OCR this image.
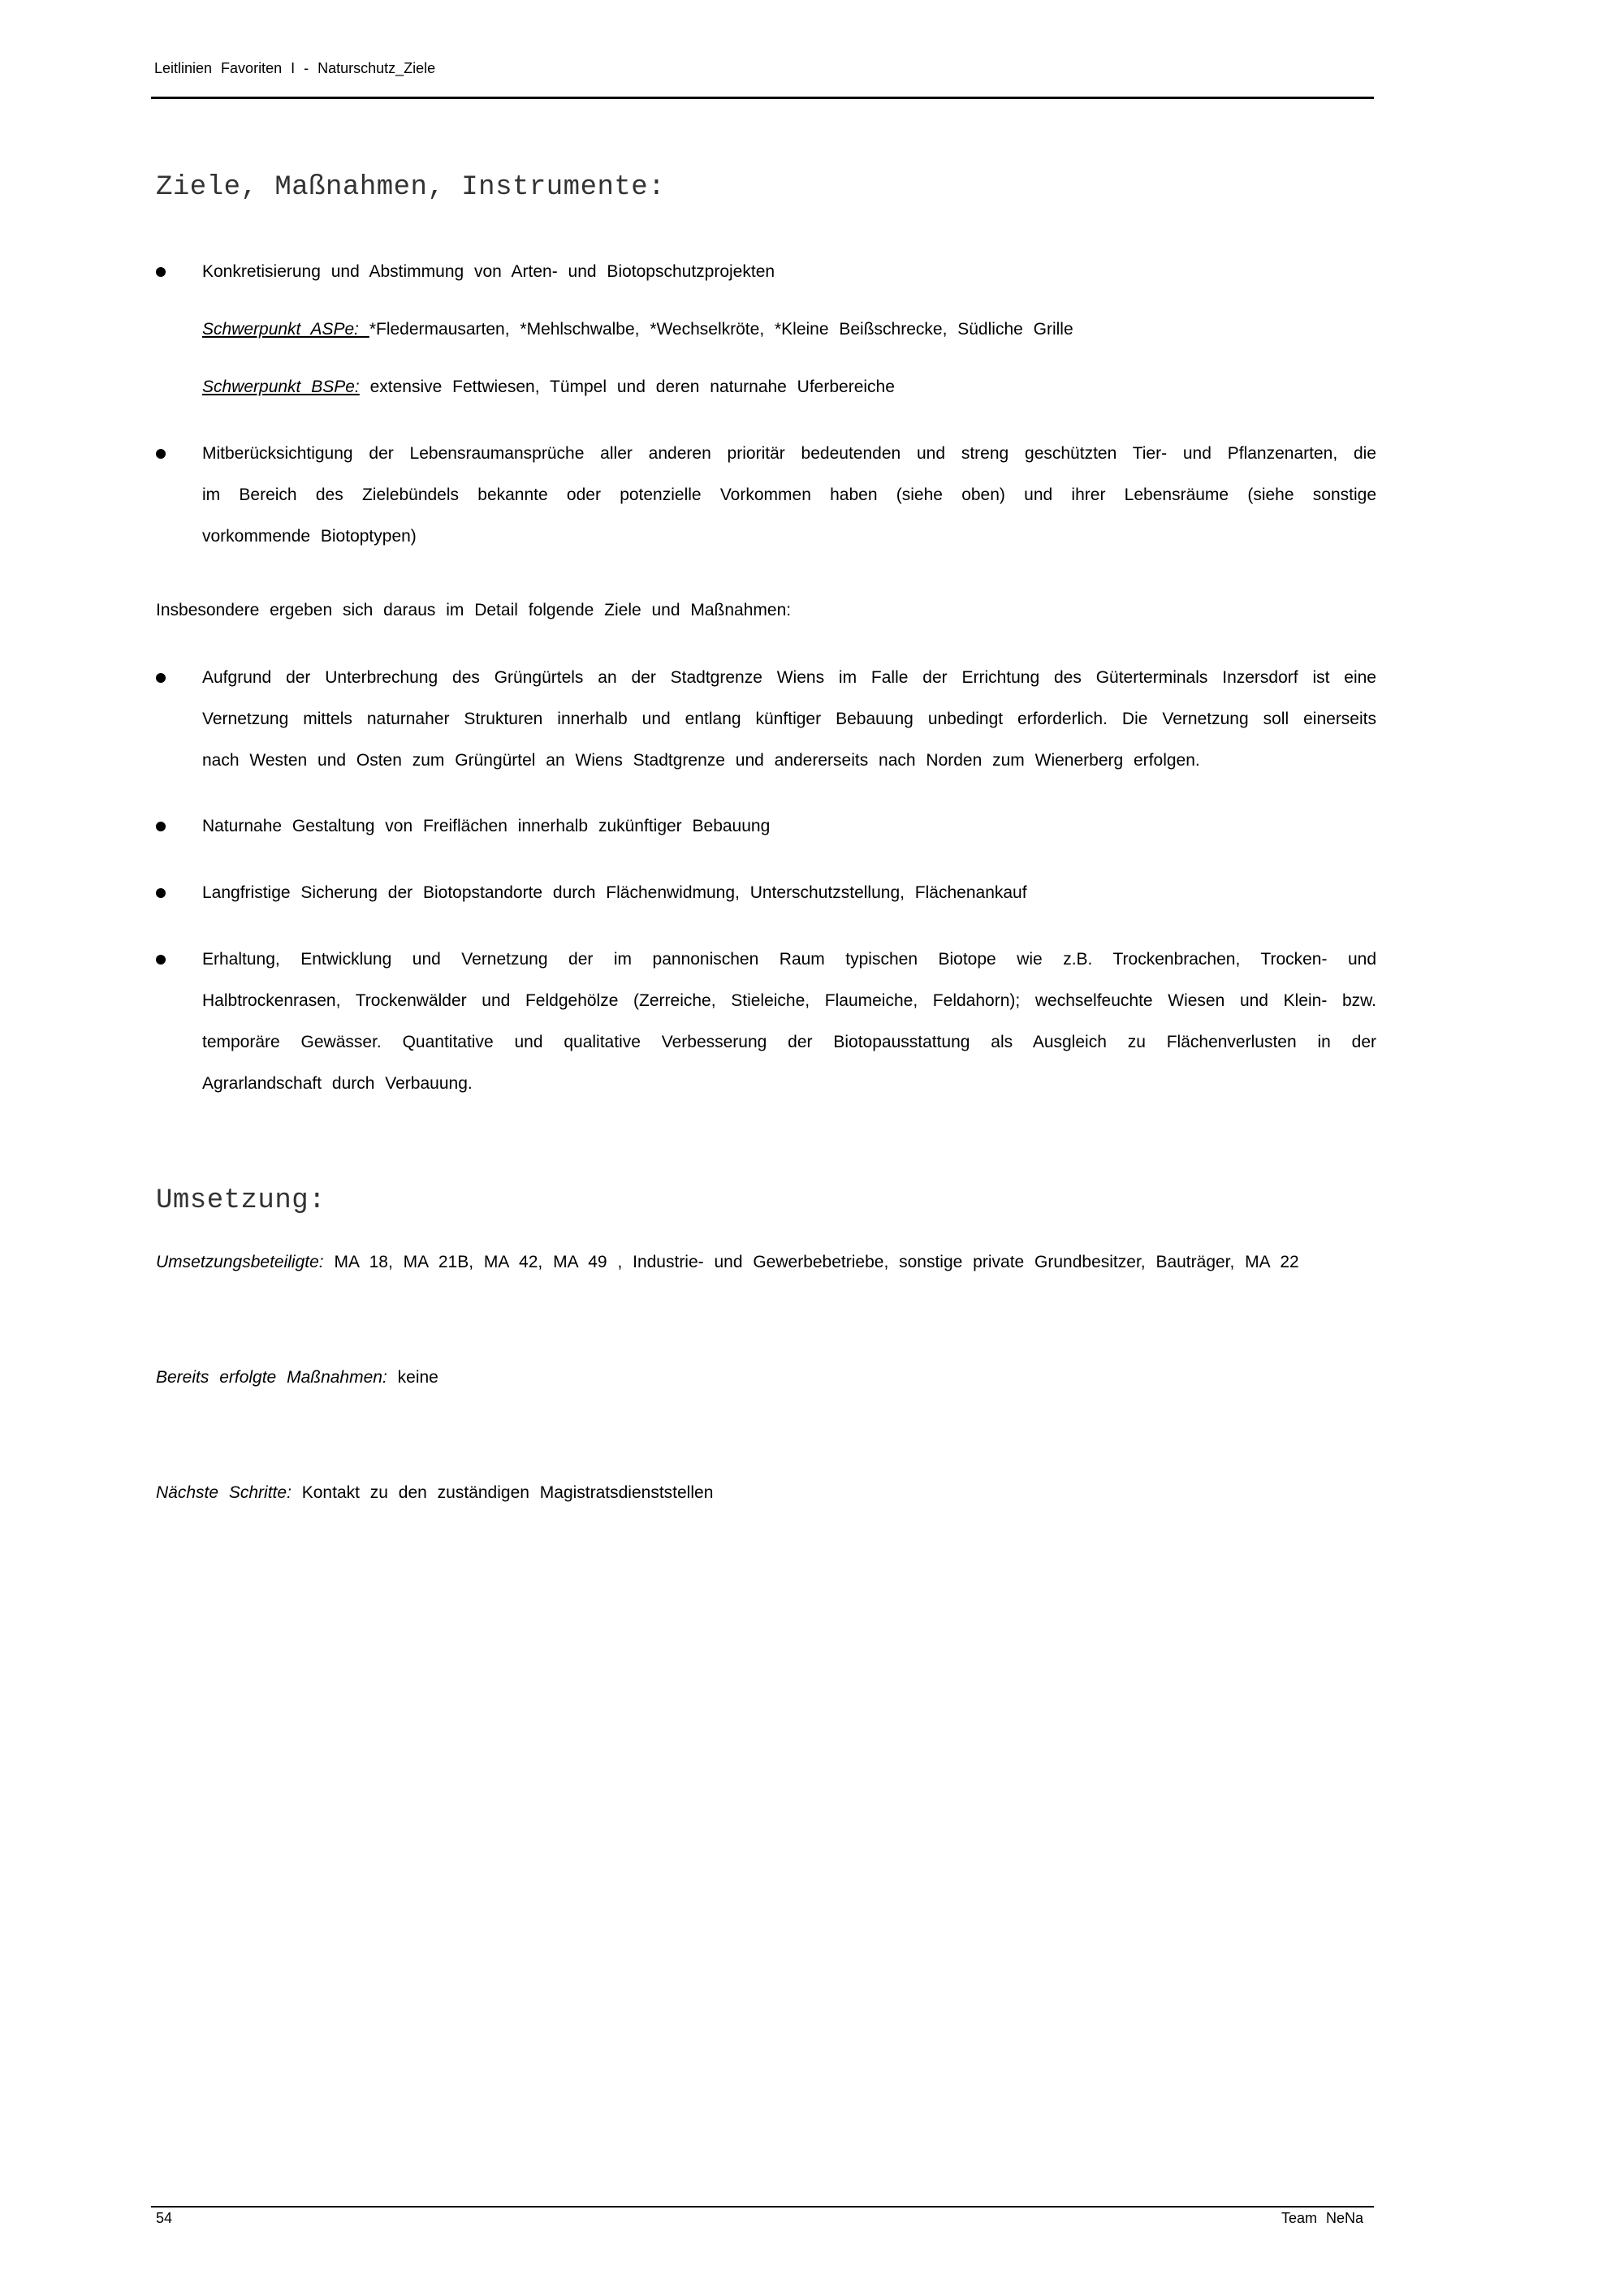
Leitlinien Favoriten I - Naturschutz_Ziele
Ziele, Maßnahmen, Instrumente:
Konkretisierung und Abstimmung von Arten- und Biotopschutzprojekten
Schwerpunkt ASPe: *Fledermausarten, *Mehlschwalbe, *Wechselkröte, *Kleine Beißschrecke, Südliche Grille
Schwerpunkt BSPe: extensive Fettwiesen, Tümpel und deren naturnahe Uferbereiche
Mitberücksichtigung der Lebensraumansprüche aller anderen prioritär bedeutenden und streng geschützten Tier- und Pflanzenarten, die
im Bereich des Zielebündels bekannte oder potenzielle Vorkommen haben (siehe oben) und ihrer Lebensräume (siehe sonstige
vorkommende Biotoptypen)
Insbesondere ergeben sich daraus im Detail folgende Ziele und Maßnahmen:
Aufgrund der Unterbrechung des Grüngürtels an der Stadtgrenze Wiens im Falle der Errichtung des Güterterminals Inzersdorf ist eine
Vernetzung mittels naturnaher Strukturen innerhalb und entlang künftiger Bebauung unbedingt erforderlich. Die Vernetzung soll einerseits
nach Westen und Osten zum Grüngürtel an Wiens Stadtgrenze und andererseits nach Norden zum Wienerberg erfolgen.
Naturnahe Gestaltung von Freiflächen innerhalb zukünftiger Bebauung
Langfristige Sicherung der Biotopstandorte durch Flächenwidmung, Unterschutzstellung, Flächenankauf
Erhaltung, Entwicklung und Vernetzung der im pannonischen Raum typischen Biotope wie z.B. Trockenbrachen, Trocken- und
Halbtrockenrasen, Trockenwälder und Feldgehölze (Zerreiche, Stieleiche, Flaumeiche, Feldahorn); wechselfeuchte Wiesen und Klein- bzw.
temporäre Gewässer. Quantitative und qualitative Verbesserung der Biotopausstattung als Ausgleich zu Flächenverlusten in der
Agrarlandschaft durch Verbauung.
Umsetzung:
Umsetzungsbeteiligte: MA 18, MA 21B, MA 42, MA 49 , Industrie- und Gewerbebetriebe, sonstige private Grundbesitzer, Bauträger, MA 22
Bereits erfolgte Maßnahmen: keine
Nächste Schritte: Kontakt zu den zuständigen Magistratsdienststellen
54	Team NeNa
